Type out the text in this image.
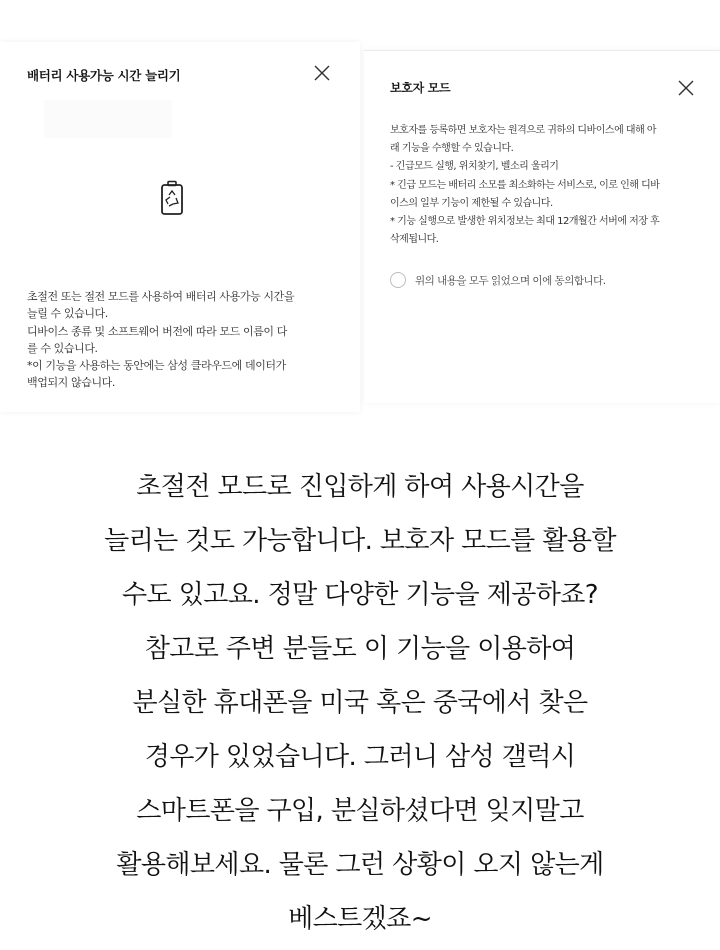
배터리 사용가능 시간 늘리기

초절전 또는 절전 모드를 사용하여 배터리 사용가능 시간을
늘릴 수 있습니다.

디바이스 종류 및 소프트웨어 버전에 따라 모드 이름이 다
를 수 있습니다.

*이 기능을 사용하는 동안에는 삼성 클라우드에 데이터가
백업되지 않습니다.

보호자 모드

보호자를 등록하면 보호자는 원격으로 귀하의 디바이스에 대해 아
래 기능을 수행할 수 있습니다.

- 긴급모드 실행, 위치찾기, 벨소리 울리기

* 긴급 모드는 배터리 소모를 최소화하는 서비스로, 이로 인해 디바
이스의 일부 기능이 제한될 수 있습니다.

* 기능 실행으로 발생한 위치정보는 최대 12개월간 서버에 저장 후
삭제됩니다.

위의 내용을 모두 읽었으며 이에 동의합니다.
초절전 모드로 진입하게 하여 사용시간을
늘리는 것도 가능합니다. 보호자 모드를 활용할
수도 있고요. 정말 다양한 기능을 제공하죠?
참고로 주변 분들도 이 기능을 이용하여
분실한 휴대폰을 미국 혹은 중국에서 찾은
경우가 있었습니다. 그러니 삼성 갤럭시
스마트폰을 구입, 분실하셨다면 잊지말고
활용해보세요. 물론 그런 상황이 오지 않는게
베스트겠죠~
